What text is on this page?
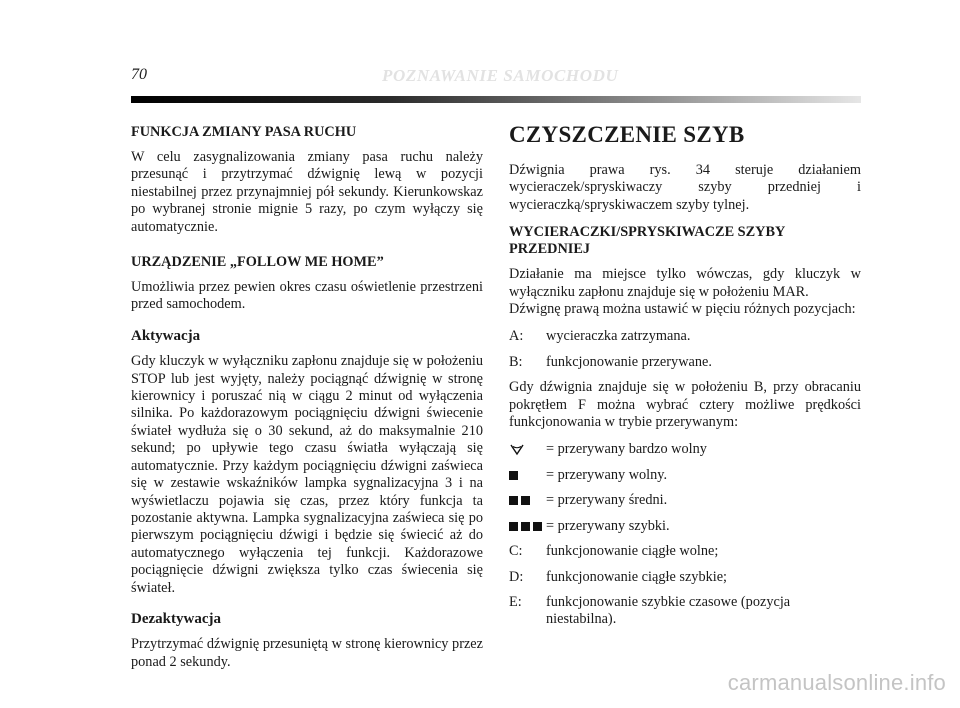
70	POZNAWANIE SAMOCHODU
FUNKCJA ZMIANY PASA RUCHU

W celu zasygnalizowania zmiany pasa ruchu należy przesunąć i przytrzymać dźwignię lewą w pozycji niestabilnej przez przynajmniej pół sekundy. Kierunkowskaz po wybranej stronie mignie 5 razy, po czym wyłączy się automatycznie.

URZĄDZENIE „FOLLOW ME HOME”

Umożliwia przez pewien okres czasu oświetlenie przestrzeni przed samochodem.

Aktywacja

Gdy kluczyk w wyłączniku zapłonu znajduje się w położeniu STOP lub jest wyjęty, należy pociągnąć dźwignię w stronę kierownicy i poruszać nią w ciągu 2 minut od wyłączenia silnika. Po każdorazowym pociągnięciu dźwigni świecenie świateł wydłuża się o 30 sekund, aż do maksymalnie 210 sekund; po upływie tego czasu światła wyłączają się automatycznie. Przy każdym pociągnięciu dźwigni zaświeca się w zestawie wskaźników lampka sygnalizacyjna 3 i na wyświetlaczu pojawia się czas, przez który funkcja ta pozostanie aktywna. Lampka sygnalizacyjna zaświeca się po pierwszym pociągnięciu dźwigi i będzie się świecić aż do automatycznego wyłączenia tej funkcji. Każdorazowe pociągnięcie dźwigni zwiększa tylko czas świecenia się świateł.

Dezaktywacja

Przytrzymać dźwignię przesuniętą w stronę kierownicy przez ponad 2 sekundy.

CZYSZCZENIE SZYB

Dźwignia prawa rys. 34 steruje działaniem wycieraczek/spryskiwaczy szyby przedniej i wycieraczką/spryskiwaczem szyby tylnej.

WYCIERACZKI/SPRYSKIWACZE SZYBY PRZEDNIEJ

Działanie ma miejsce tylko wówczas, gdy kluczyk w wyłączniku zapłonu znajduje się w położeniu MAR.

Dźwignę prawą można ustawić w pięciu różnych pozycjach:

A:	wycieraczka zatrzymana.
B:	funkcjonowanie przerywane.

Gdy dźwignia znajduje się w położeniu B, przy obracaniu pokrętłem F można wybrać cztery możliwe prędkości funkcjonowania w trybie przerywanym:

= przerywany bardzo wolny
= przerywany wolny.
= przerywany średni.
= przerywany szybki.
C:	funkcjonowanie ciągłe wolne;
D:	funkcjonowanie ciągłe szybkie;
E:	funkcjonowanie szybkie czasowe (pozycja niestabilna).
carmanualsonline.info
